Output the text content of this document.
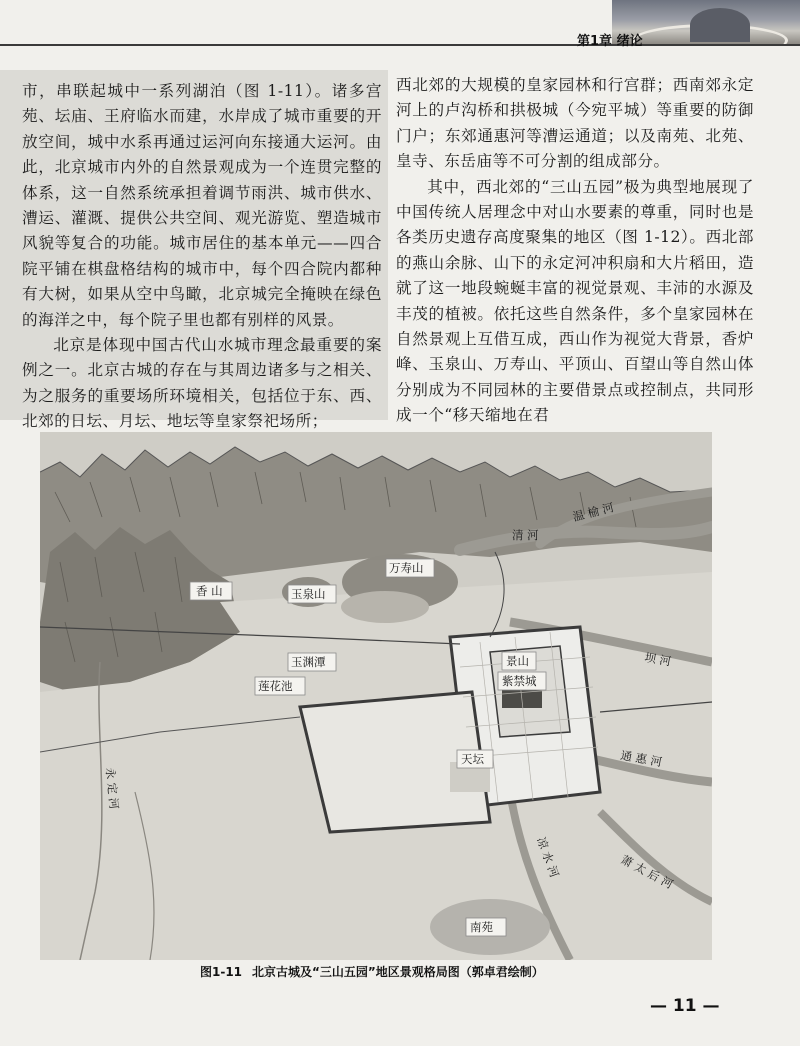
第1章 绪论

市，串联起城中一系列湖泊（图 1-11）。诸多宫苑、坛庙、王府临水而建，水岸成了城市重要的开放空间，城中水系再通过运河向东接通大运河。由此，北京城市内外的自然景观成为一个连贯完整的体系，这一自然系统承担着调节雨洪、城市供水、漕运、灌溉、提供公共空间、观光游览、塑造城市风貌等复合的功能。城市居住的基本单元——四合院平铺在棋盘格结构的城市中，每个四合院内都种有大树，如果从空中鸟瞰，北京城完全掩映在绿色的海洋之中，每个院子里也都有别样的风景。

北京是体现中国古代山水城市理念最重要的案例之一。北京古城的存在与其周边诸多与之相关、为之服务的重要场所环境相关，包括位于东、西、北郊的日坛、月坛、地坛等皇家祭祀场所；

西北郊的大规模的皇家园林和行宫群；西南郊永定河上的卢沟桥和拱极城（今宛平城）等重要的防御门户；东郊通惠河等漕运通道；以及南苑、北苑、皇寺、东岳庙等不可分割的组成部分。

其中，西北郊的“三山五园”极为典型地展现了中国传统人居理念中对山水要素的尊重，同时也是各类历史遗存高度聚集的地区（图 1-12）。西北部的燕山余脉、山下的永定河冲积扇和大片稻田，造就了这一地段蜿蜒丰富的视觉景观、丰沛的水源及丰茂的植被。依托这些自然条件，多个皇家园林在自然景观上互借互成，西山作为视觉大背景，香炉峰、玉泉山、万寿山、平顶山、百望山等自然山体分别成为不同园林的主要借景点或控制点，共同形成一个“移天缩地在君

香 山	玉泉山
万寿山
清 河
温 榆 河
坝 河
玉渊潭
莲花池
景山
紫禁城
通 惠 河
天坛
凉 水 河	萧 太 后 河
南苑
永 定 河
图1-11 北京古城及“三山五园”地区景观格局图（郭卓君绘制）
— 11 —
